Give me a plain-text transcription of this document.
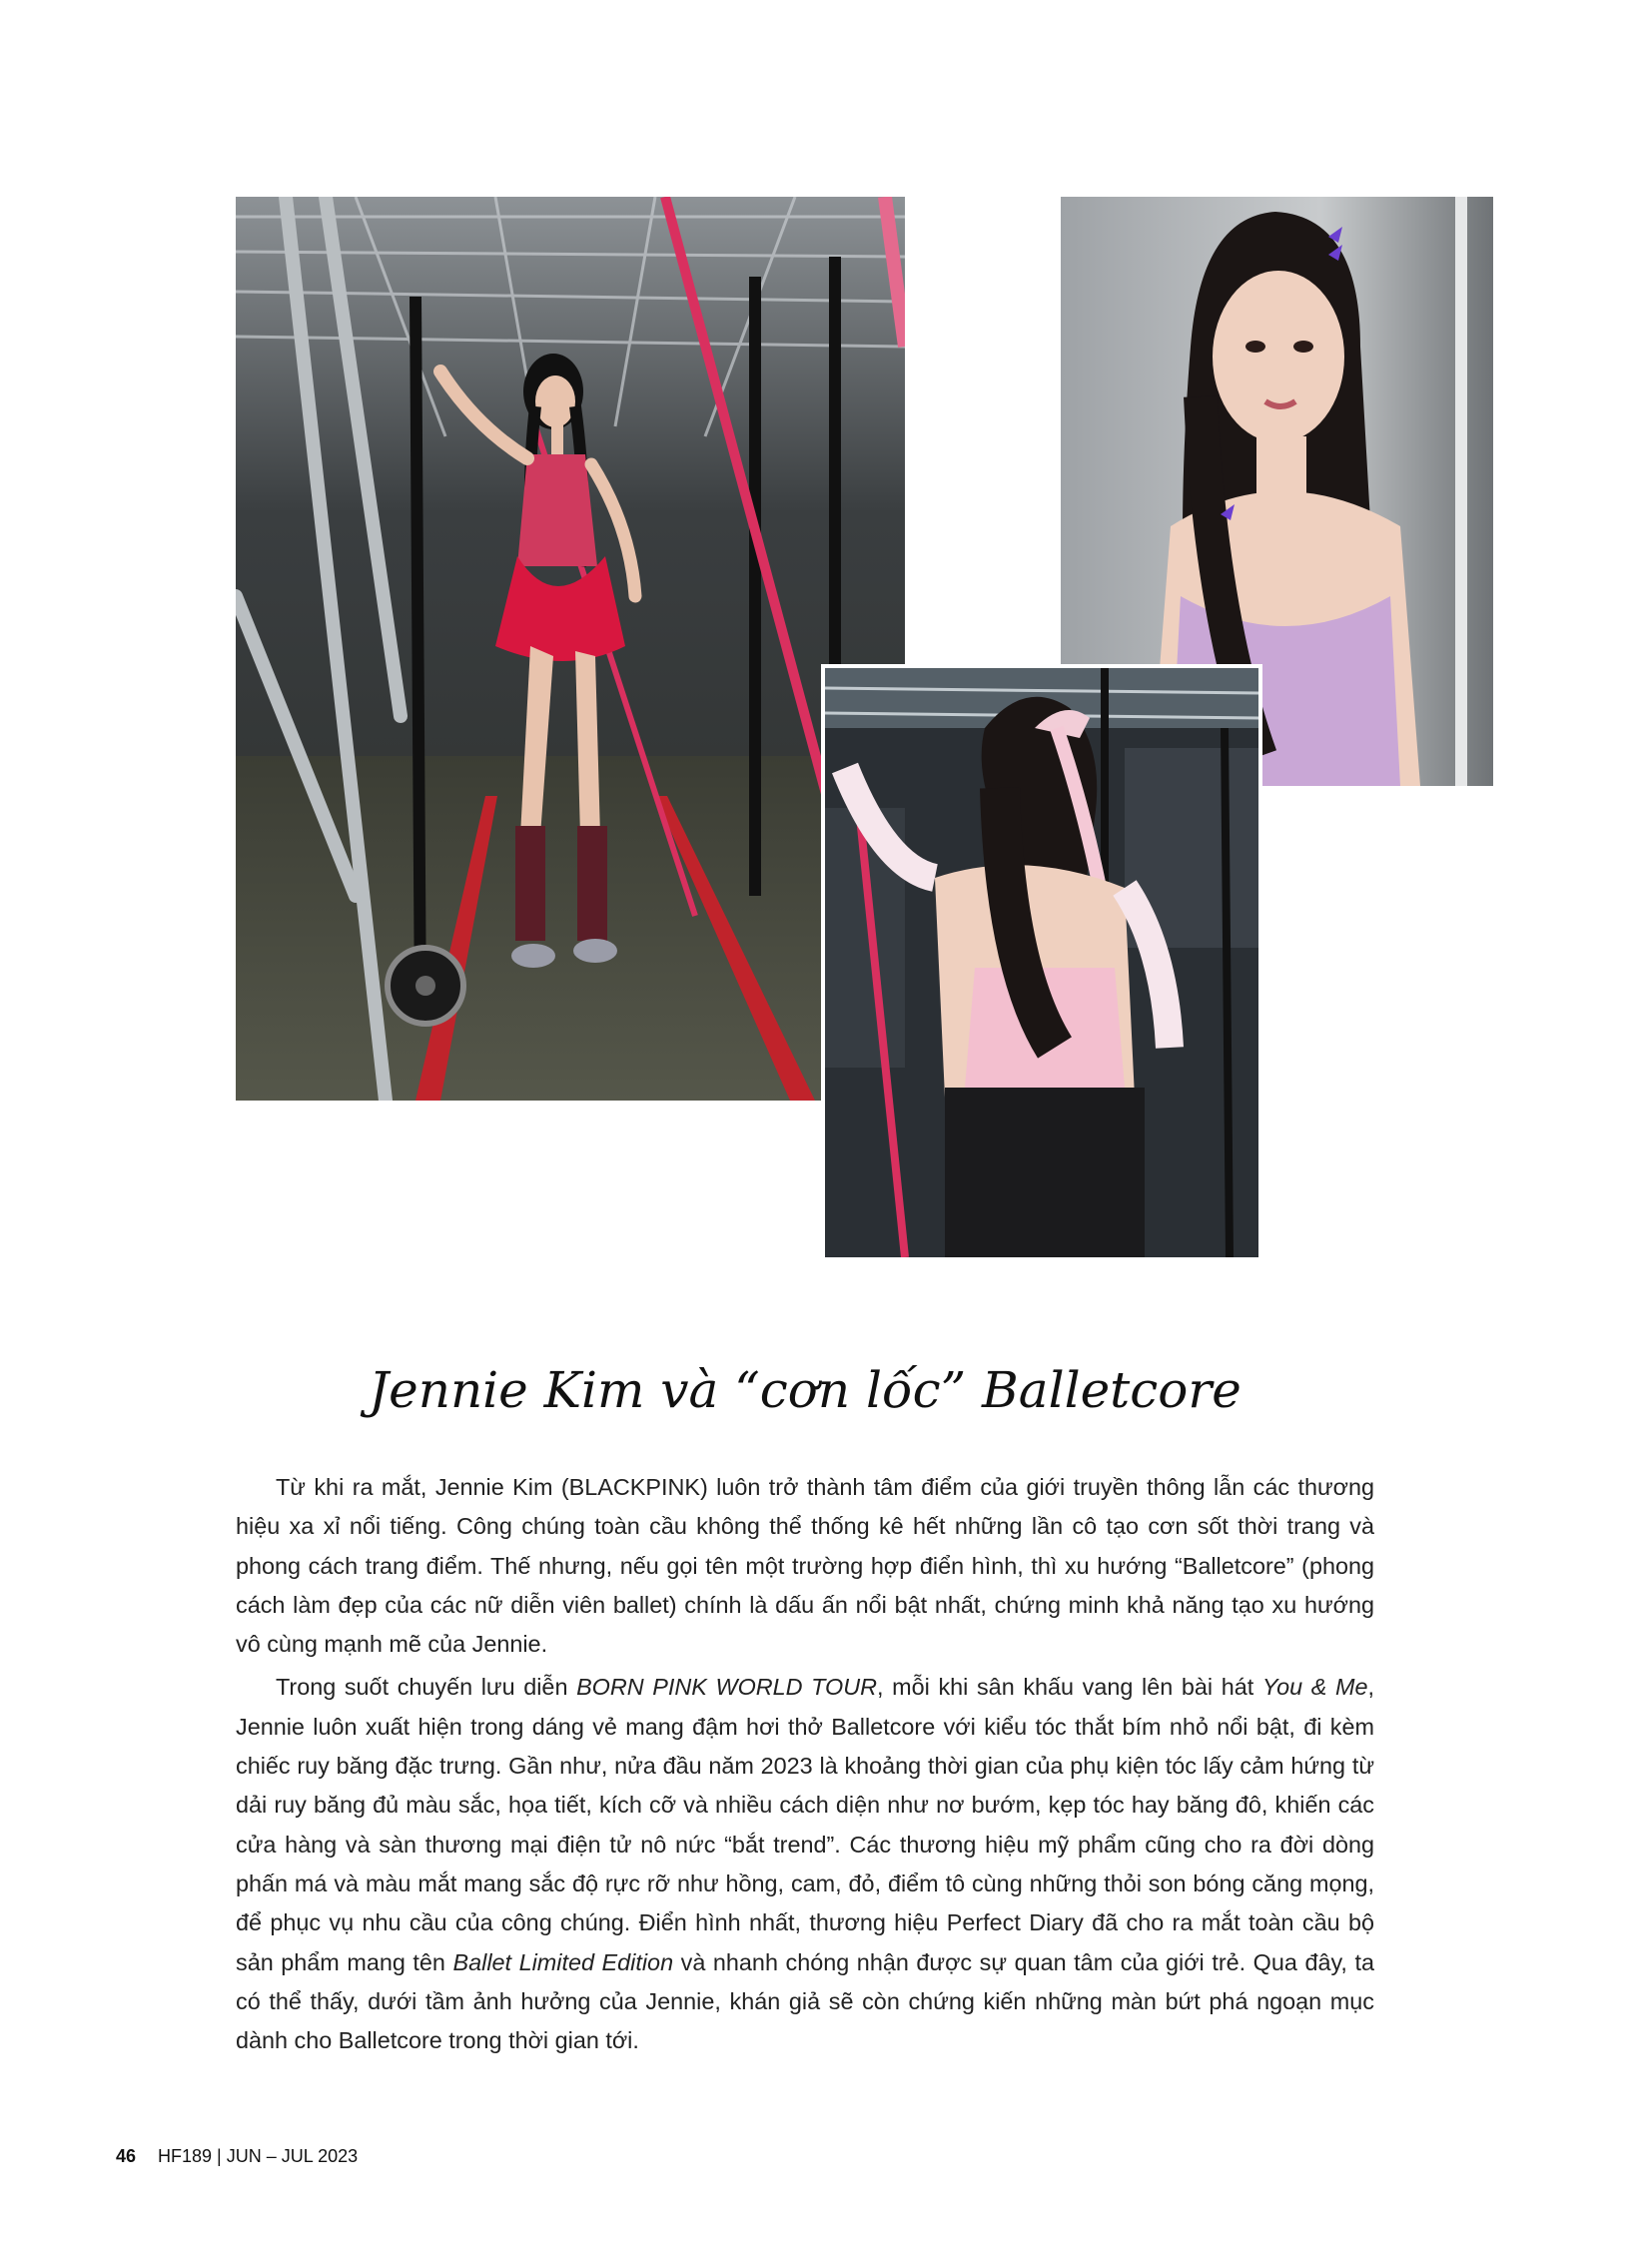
Jennie Kim và “cơn lốc” Balletcore

Từ khi ra mắt, Jennie Kim (BLACKPINK) luôn trở thành tâm điểm của giới truyền thông lẫn các thương hiệu xa xỉ nổi tiếng. Công chúng toàn cầu không thể thống kê hết những lần cô tạo cơn sốt thời trang và phong cách trang điểm. Thế nhưng, nếu gọi tên một trường hợp điển hình, thì xu hướng “Balletcore” (phong cách làm đẹp của các nữ diễn viên ballet) chính là dấu ấn nổi bật nhất, chứng minh khả năng tạo xu hướng vô cùng mạnh mẽ của Jennie.

Trong suốt chuyến lưu diễn BORN PINK WORLD TOUR, mỗi khi sân khấu vang lên bài hát You & Me, Jennie luôn xuất hiện trong dáng vẻ mang đậm hơi thở Balletcore với kiểu tóc thắt bím nhỏ nổi bật, đi kèm chiếc ruy băng đặc trưng. Gần như, nửa đầu năm 2023 là khoảng thời gian của phụ kiện tóc lấy cảm hứng từ dải ruy băng đủ màu sắc, họa tiết, kích cỡ và nhiều cách diện như nơ bướm, kẹp tóc hay băng đô, khiến các cửa hàng và sàn thương mại điện tử nô nức “bắt trend”. Các thương hiệu mỹ phẩm cũng cho ra đời dòng phấn má và màu mắt mang sắc độ rực rỡ như hồng, cam, đỏ, điểm tô cùng những thỏi son bóng căng mọng, để phục vụ nhu cầu của công chúng. Điển hình nhất, thương hiệu Perfect Diary đã cho ra mắt toàn cầu bộ sản phẩm mang tên Ballet Limited Edition và nhanh chóng nhận được sự quan tâm của giới trẻ. Qua đây, ta có thể thấy, dưới tầm ảnh hưởng của Jennie, khán giả sẽ còn chứng kiến những màn bứt phá ngoạn mục dành cho Balletcore trong thời gian tới.

46 HF189 | JUN – JUL 2023
